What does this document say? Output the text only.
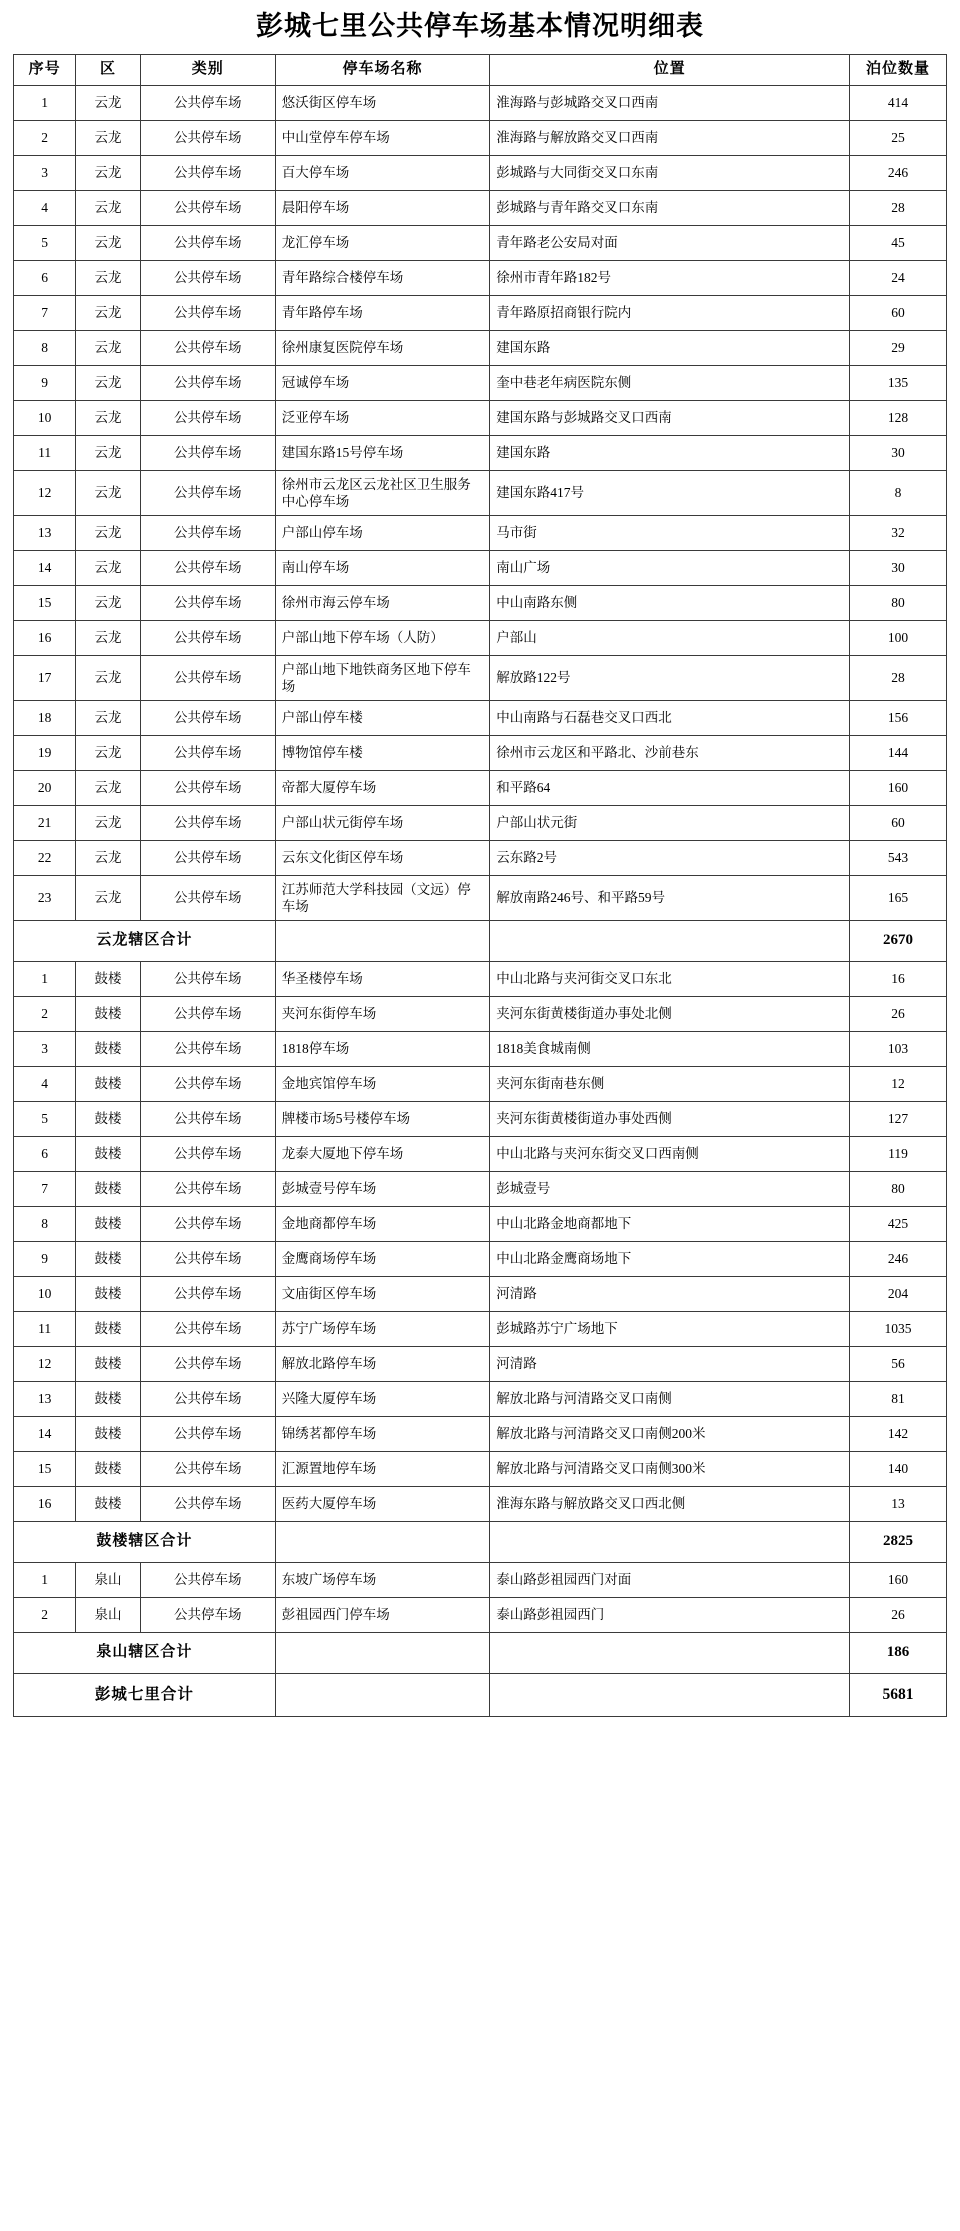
彭城七里公共停车场基本情况明细表
序号	区	类别	停车场名称	位置	泊位数量
1	云龙	公共停车场	悠沃街区停车场	淮海路与彭城路交叉口西南	414
2	云龙	公共停车场	中山堂停车停车场	淮海路与解放路交叉口西南	25
3	云龙	公共停车场	百大停车场	彭城路与大同街交叉口东南	246
4	云龙	公共停车场	晨阳停车场	彭城路与青年路交叉口东南	28
5	云龙	公共停车场	龙汇停车场	青年路老公安局对面	45
6	云龙	公共停车场	青年路综合楼停车场	徐州市青年路182号	24
7	云龙	公共停车场	青年路停车场	青年路原招商银行院内	60
8	云龙	公共停车场	徐州康复医院停车场	建国东路	29
9	云龙	公共停车场	冠诚停车场	奎中巷老年病医院东侧	135
10	云龙	公共停车场	泛亚停车场	建国东路与彭城路交叉口西南	128
11	云龙	公共停车场	建国东路15号停车场	建国东路	30
12	云龙	公共停车场	徐州市云龙区云龙社区卫生服务中心停车场	建国东路417号	8
13	云龙	公共停车场	户部山停车场	马市街	32
14	云龙	公共停车场	南山停车场	南山广场	30
15	云龙	公共停车场	徐州市海云停车场	中山南路东侧	80
16	云龙	公共停车场	户部山地下停车场（人防）	户部山	100
17	云龙	公共停车场	户部山地下地铁商务区地下停车场	解放路122号	28
18	云龙	公共停车场	户部山停车楼	中山南路与石磊巷交叉口西北	156
19	云龙	公共停车场	博物馆停车楼	徐州市云龙区和平路北、沙前巷东	144
20	云龙	公共停车场	帝都大厦停车场	和平路64	160
21	云龙	公共停车场	户部山状元街停车场	户部山状元街	60
22	云龙	公共停车场	云东文化街区停车场	云东路2号	543
23	云龙	公共停车场	江苏师范大学科技园（文远）停车场	解放南路246号、和平路59号	165
云龙辖区合计					2670
1	鼓楼	公共停车场	华圣楼停车场	中山北路与夹河街交叉口东北	16
2	鼓楼	公共停车场	夹河东街停车场	夹河东街黄楼街道办事处北侧	26
3	鼓楼	公共停车场	1818停车场	1818美食城南侧	103
4	鼓楼	公共停车场	金地宾馆停车场	夹河东街南巷东侧	12
5	鼓楼	公共停车场	牌楼市场5号楼停车场	夹河东街黄楼街道办事处西侧	127
6	鼓楼	公共停车场	龙泰大厦地下停车场	中山北路与夹河东街交叉口西南侧	119
7	鼓楼	公共停车场	彭城壹号停车场	彭城壹号	80
8	鼓楼	公共停车场	金地商都停车场	中山北路金地商都地下	425
9	鼓楼	公共停车场	金鹰商场停车场	中山北路金鹰商场地下	246
10	鼓楼	公共停车场	文庙街区停车场	河清路	204
11	鼓楼	公共停车场	苏宁广场停车场	彭城路苏宁广场地下	1035
12	鼓楼	公共停车场	解放北路停车场	河清路	56
13	鼓楼	公共停车场	兴隆大厦停车场	解放北路与河清路交叉口南侧	81
14	鼓楼	公共停车场	锦绣茗都停车场	解放北路与河清路交叉口南侧200米	142
15	鼓楼	公共停车场	汇源置地停车场	解放北路与河清路交叉口南侧300米	140
16	鼓楼	公共停车场	医药大厦停车场	淮海东路与解放路交叉口西北侧	13
鼓楼辖区合计					2825
1	泉山	公共停车场	东坡广场停车场	泰山路彭祖园西门对面	160
2	泉山	公共停车场	彭祖园西门停车场	泰山路彭祖园西门	26
泉山辖区合计					186
彭城七里合计					5681
